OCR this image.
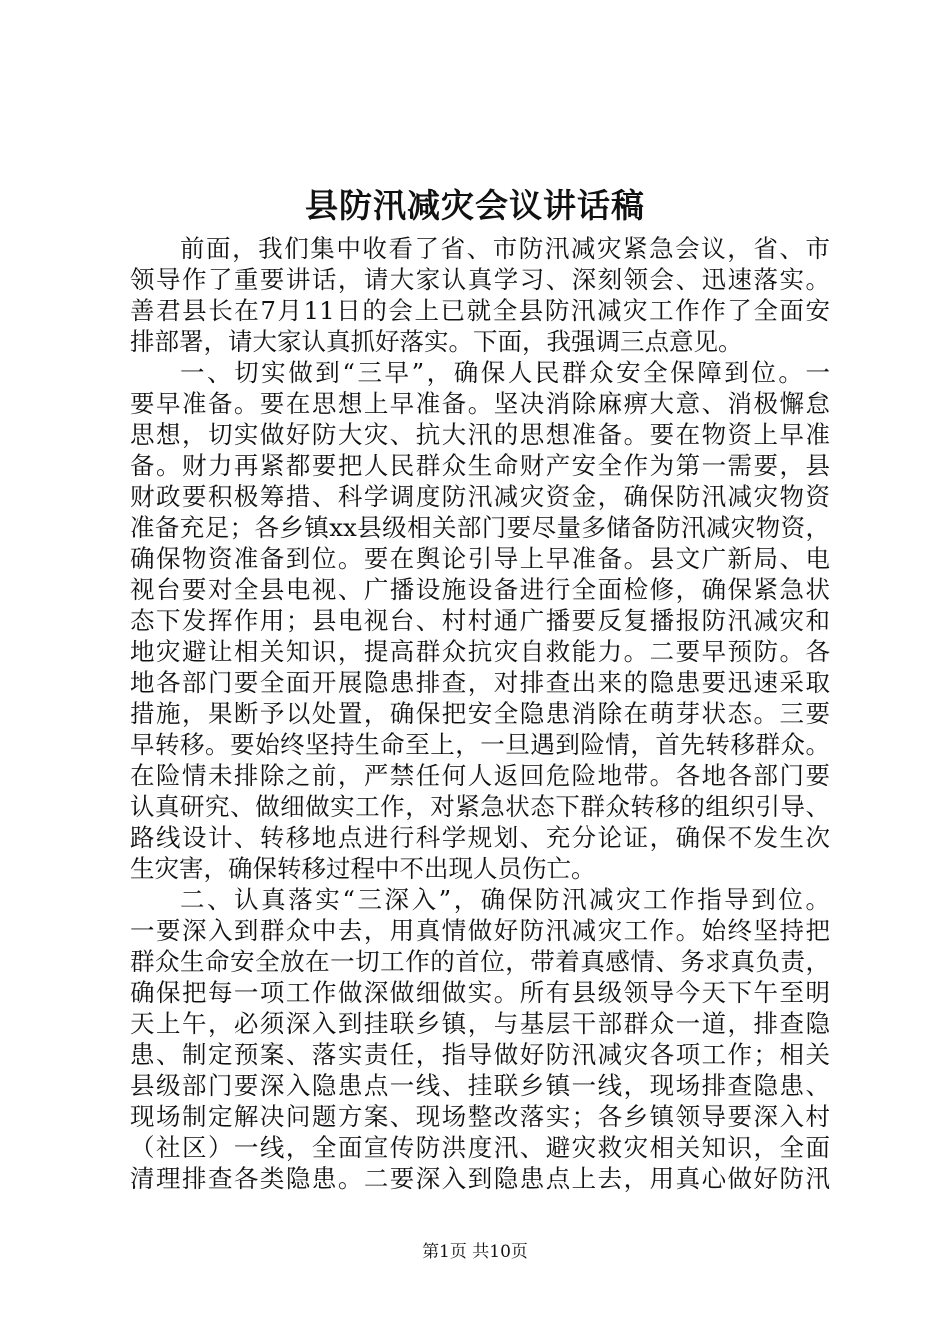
县防汛减灾会议讲话稿
前面，我们集中收看了省、市防汛减灾紧急会议，省、市
领导作了重要讲话，请大家认真学习、深刻领会、迅速落实。
善君县长在7月11日的会上已就全县防汛减灾工作作了全面安
排部署，请大家认真抓好落实。下面，我强调三点意见。
一、切实做到“三早”，确保人民群众安全保障到位。一
要早准备。要在思想上早准备。坚决消除麻痹大意、消极懈怠
思想，切实做好防大灾、抗大汛的思想准备。要在物资上早准
备。财力再紧都要把人民群众生命财产安全作为第一需要，县
财政要积极筹措、科学调度防汛减灾资金，确保防汛减灾物资
准备充足；各乡镇xx县级相关部门要尽量多储备防汛减灾物资，
确保物资准备到位。要在舆论引导上早准备。县文广新局、电
视台要对全县电视、广播设施设备进行全面检修，确保紧急状
态下发挥作用；县电视台、村村通广播要反复播报防汛减灾和
地灾避让相关知识，提高群众抗灾自救能力。二要早预防。各
地各部门要全面开展隐患排查，对排查出来的隐患要迅速采取
措施，果断予以处置，确保把安全隐患消除在萌芽状态。三要
早转移。要始终坚持生命至上，一旦遇到险情，首先转移群众。
在险情未排除之前，严禁任何人返回危险地带。各地各部门要
认真研究、做细做实工作，对紧急状态下群众转移的组织引导、
路线设计、转移地点进行科学规划、充分论证，确保不发生次
生灾害，确保转移过程中不出现人员伤亡。
二、认真落实“三深入”，确保防汛减灾工作指导到位。
一要深入到群众中去，用真情做好防汛减灾工作。始终坚持把
群众生命安全放在一切工作的首位，带着真感情、务求真负责，
确保把每一项工作做深做细做实。所有县级领导今天下午至明
天上午，必须深入到挂联乡镇，与基层干部群众一道，排查隐
患、制定预案、落实责任，指导做好防汛减灾各项工作；相关
县级部门要深入隐患点一线、挂联乡镇一线，现场排查隐患、
现场制定解决问题方案、现场整改落实；各乡镇领导要深入村
（社区）一线，全面宣传防洪度汛、避灾救灾相关知识，全面
清理排查各类隐患。二要深入到隐患点上去，用真心做好防汛
第1页 共10页
